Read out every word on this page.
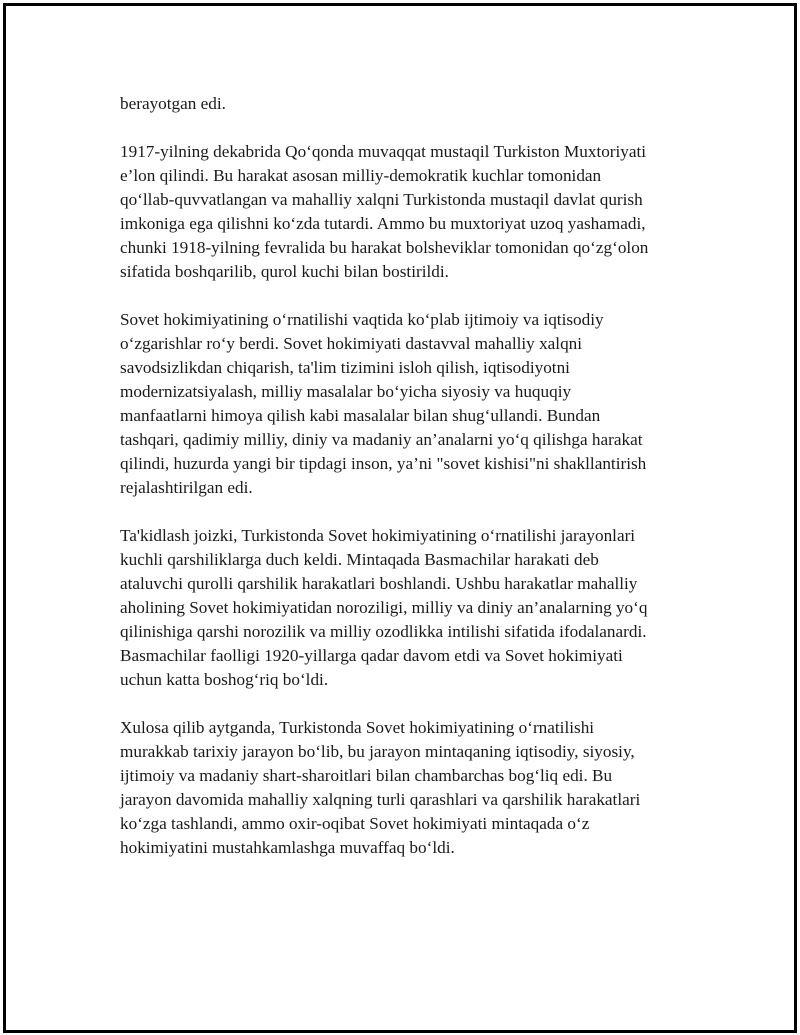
berayotgan edi.

1917-yilning dekabrida Qo‘qonda muvaqqat mustaqil Turkiston Muxtoriyati
e’lon qilindi. Bu harakat asosan milliy-demokratik kuchlar tomonidan
qo‘llab-quvvatlangan va mahalliy xalqni Turkistonda mustaqil davlat qurish
imkoniga ega qilishni ko‘zda tutardi. Ammo bu muxtoriyat uzoq yashamadi,
chunki 1918-yilning fevralida bu harakat bolsheviklar tomonidan qo‘zg‘olon
sifatida boshqarilib, qurol kuchi bilan bostirildi.

Sovet hokimiyatining o‘rnatilishi vaqtida ko‘plab ijtimoiy va iqtisodiy
o‘zgarishlar ro‘y berdi. Sovet hokimiyati dastavval mahalliy xalqni
savodsizlikdan chiqarish, ta'lim tizimini isloh qilish, iqtisodiyotni
modernizatsiyalash, milliy masalalar bo‘yicha siyosiy va huquqiy
manfaatlarni himoya qilish kabi masalalar bilan shug‘ullandi. Bundan
tashqari, qadimiy milliy, diniy va madaniy an’analarni yo‘q qilishga harakat
qilindi, huzurda yangi bir tipdagi inson, ya’ni "sovet kishisi"ni shakllantirish
rejalashtirilgan edi.

Ta'kidlash joizki, Turkistonda Sovet hokimiyatining o‘rnatilishi jarayonlari
kuchli qarshiliklarga duch keldi. Mintaqada Basmachilar harakati deb
ataluvchi qurolli qarshilik harakatlari boshlandi. Ushbu harakatlar mahalliy
aholining Sovet hokimiyatidan noroziligi, milliy va diniy an’analarning yo‘q
qilinishiga qarshi norozilik va milliy ozodlikka intilishi sifatida ifodalanardi.
Basmachilar faolligi 1920-yillarga qadar davom etdi va Sovet hokimiyati
uchun katta boshog‘riq bo‘ldi.

Xulosa qilib aytganda, Turkistonda Sovet hokimiyatining o‘rnatilishi
murakkab tarixiy jarayon bo‘lib, bu jarayon mintaqaning iqtisodiy, siyosiy,
ijtimoiy va madaniy shart-sharoitlari bilan chambarchas bog‘liq edi. Bu
jarayon davomida mahalliy xalqning turli qarashlari va qarshilik harakatlari
ko‘zga tashlandi, ammo oxir-oqibat Sovet hokimiyati mintaqada o‘z
hokimiyatini mustahkamlashga muvaffaq bo‘ldi.
